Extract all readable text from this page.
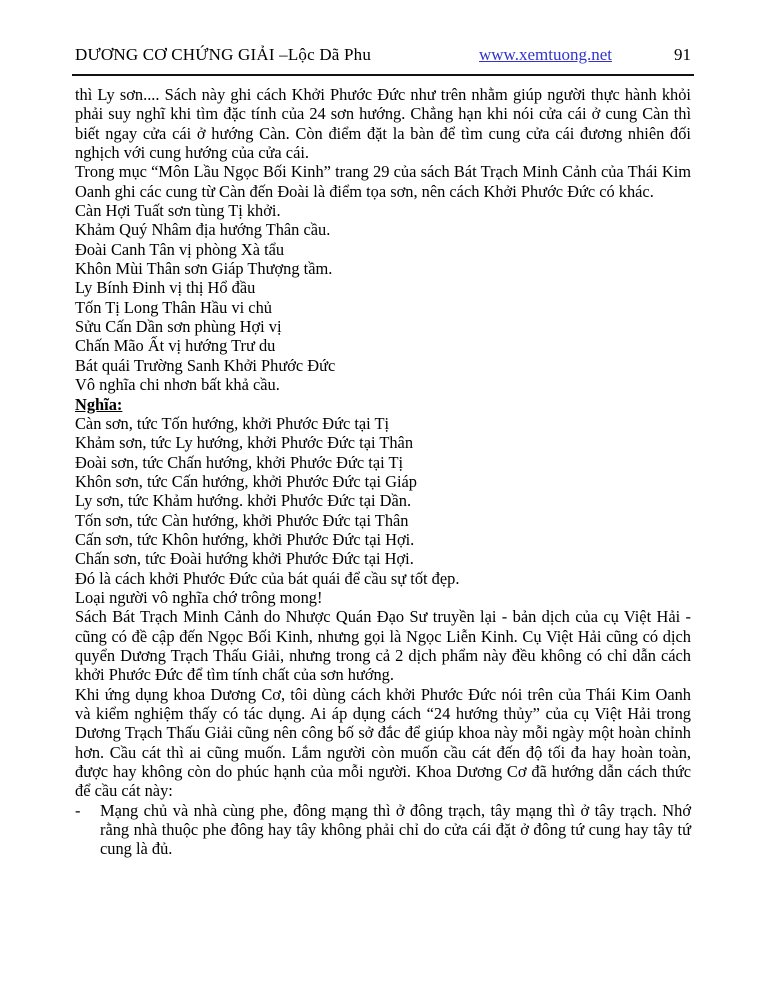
DƯƠNG CƠ CHỨNG GIẢI –Lộc Dã Phu	www.xemtuong.net	91

thì Ly sơn.... Sách này ghi cách Khởi Phước Đức như trên nhằm giúp người thực hành khỏi phải suy nghĩ khi tìm đặc tính của 24 sơn hướng. Chẳng hạn khi nói cửa cái ở cung Càn thì biết ngay cửa cái ở hướng Càn. Còn điểm đặt la bàn để tìm cung cửa cái đương nhiên đối nghịch với cung hướng của cửa cái.

Trong mục “Môn Lầu Ngọc Bối Kinh” trang 29 của sách Bát Trạch Minh Cảnh của Thái Kim Oanh ghi các cung từ Càn đến Đoài là điểm tọa sơn, nên cách Khởi Phước Đức có khác.

Càn Hợi Tuất sơn tùng Tị khởi.
Khảm Quý Nhâm địa hướng Thân cầu.
Đoài Canh Tân vị phòng Xà tẩu
Khôn Mùi Thân sơn Giáp Thượng tầm.
Ly Bính Đinh vị thị Hổ đầu
Tốn Tị Long Thân Hầu vi chủ
Sửu Cấn Dần sơn phùng Hợi vị
Chấn Mão Ất vị hướng Trư du
Bát quái Trường Sanh Khởi Phước Đức
Vô nghĩa chi nhơn bất khả cầu.
Nghĩa:
Càn sơn, tức Tốn hướng, khởi Phước Đức tại Tị
Khảm sơn, tức Ly hướng, khởi Phước Đức tại Thân
Đoài sơn, tức Chấn hướng, khởi Phước Đức tại Tị
Khôn sơn, tức Cấn hướng, khởi Phước Đức tại Giáp
Ly sơn, tức Khảm hướng. khởi Phước Đức tại Dần.
Tốn sơn, tức Càn hướng, khởi Phước Đức tại Thân
Cấn sơn, tức Khôn hướng, khởi Phước Đức tại Hợi.
Chấn sơn, tức Đoài hướng khởi Phước Đức tại Hợi.
Đó là cách khởi Phước Đức của bát quái để cầu sự tốt đẹp.
Loại người vô nghĩa chớ trông mong!

Sách Bát Trạch Minh Cảnh do Nhược Quán Đạo Sư truyền lại - bản dịch của cụ Việt Hải - cũng có đề cập đến Ngọc Bối Kinh, nhưng gọi là Ngọc Liễn Kinh. Cụ Việt Hải cũng có dịch quyển Dương Trạch Thấu Giải, nhưng trong cả 2 dịch phẩm này đều không có chỉ dẫn cách khởi Phước Đức để tìm tính chất của sơn hướng.

Khi ứng dụng khoa Dương Cơ, tôi dùng cách khởi Phước Đức nói trên của Thái Kim Oanh và kiểm nghiệm thấy có tác dụng. Ai áp dụng cách “24 hướng thủy” của cụ Việt Hải trong Dương Trạch Thấu Giải cũng nên công bố sở đắc để giúp khoa này mỗi ngày một hoàn chỉnh hơn. Cầu cát thì ai cũng muốn. Lắm người còn muốn cầu cát đến độ tối đa hay hoàn toàn, được hay không còn do phúc hạnh của mỗi người. Khoa Dương Cơ đã hướng dẫn cách thức để cầu cát này:

-	Mạng chủ và nhà cùng phe, đông mạng thì ở đông trạch, tây mạng thì ở tây trạch. Nhớ rằng nhà thuộc phe đông hay tây không phải chỉ do cửa cái đặt ở đông tứ cung hay tây tứ cung là đủ.
